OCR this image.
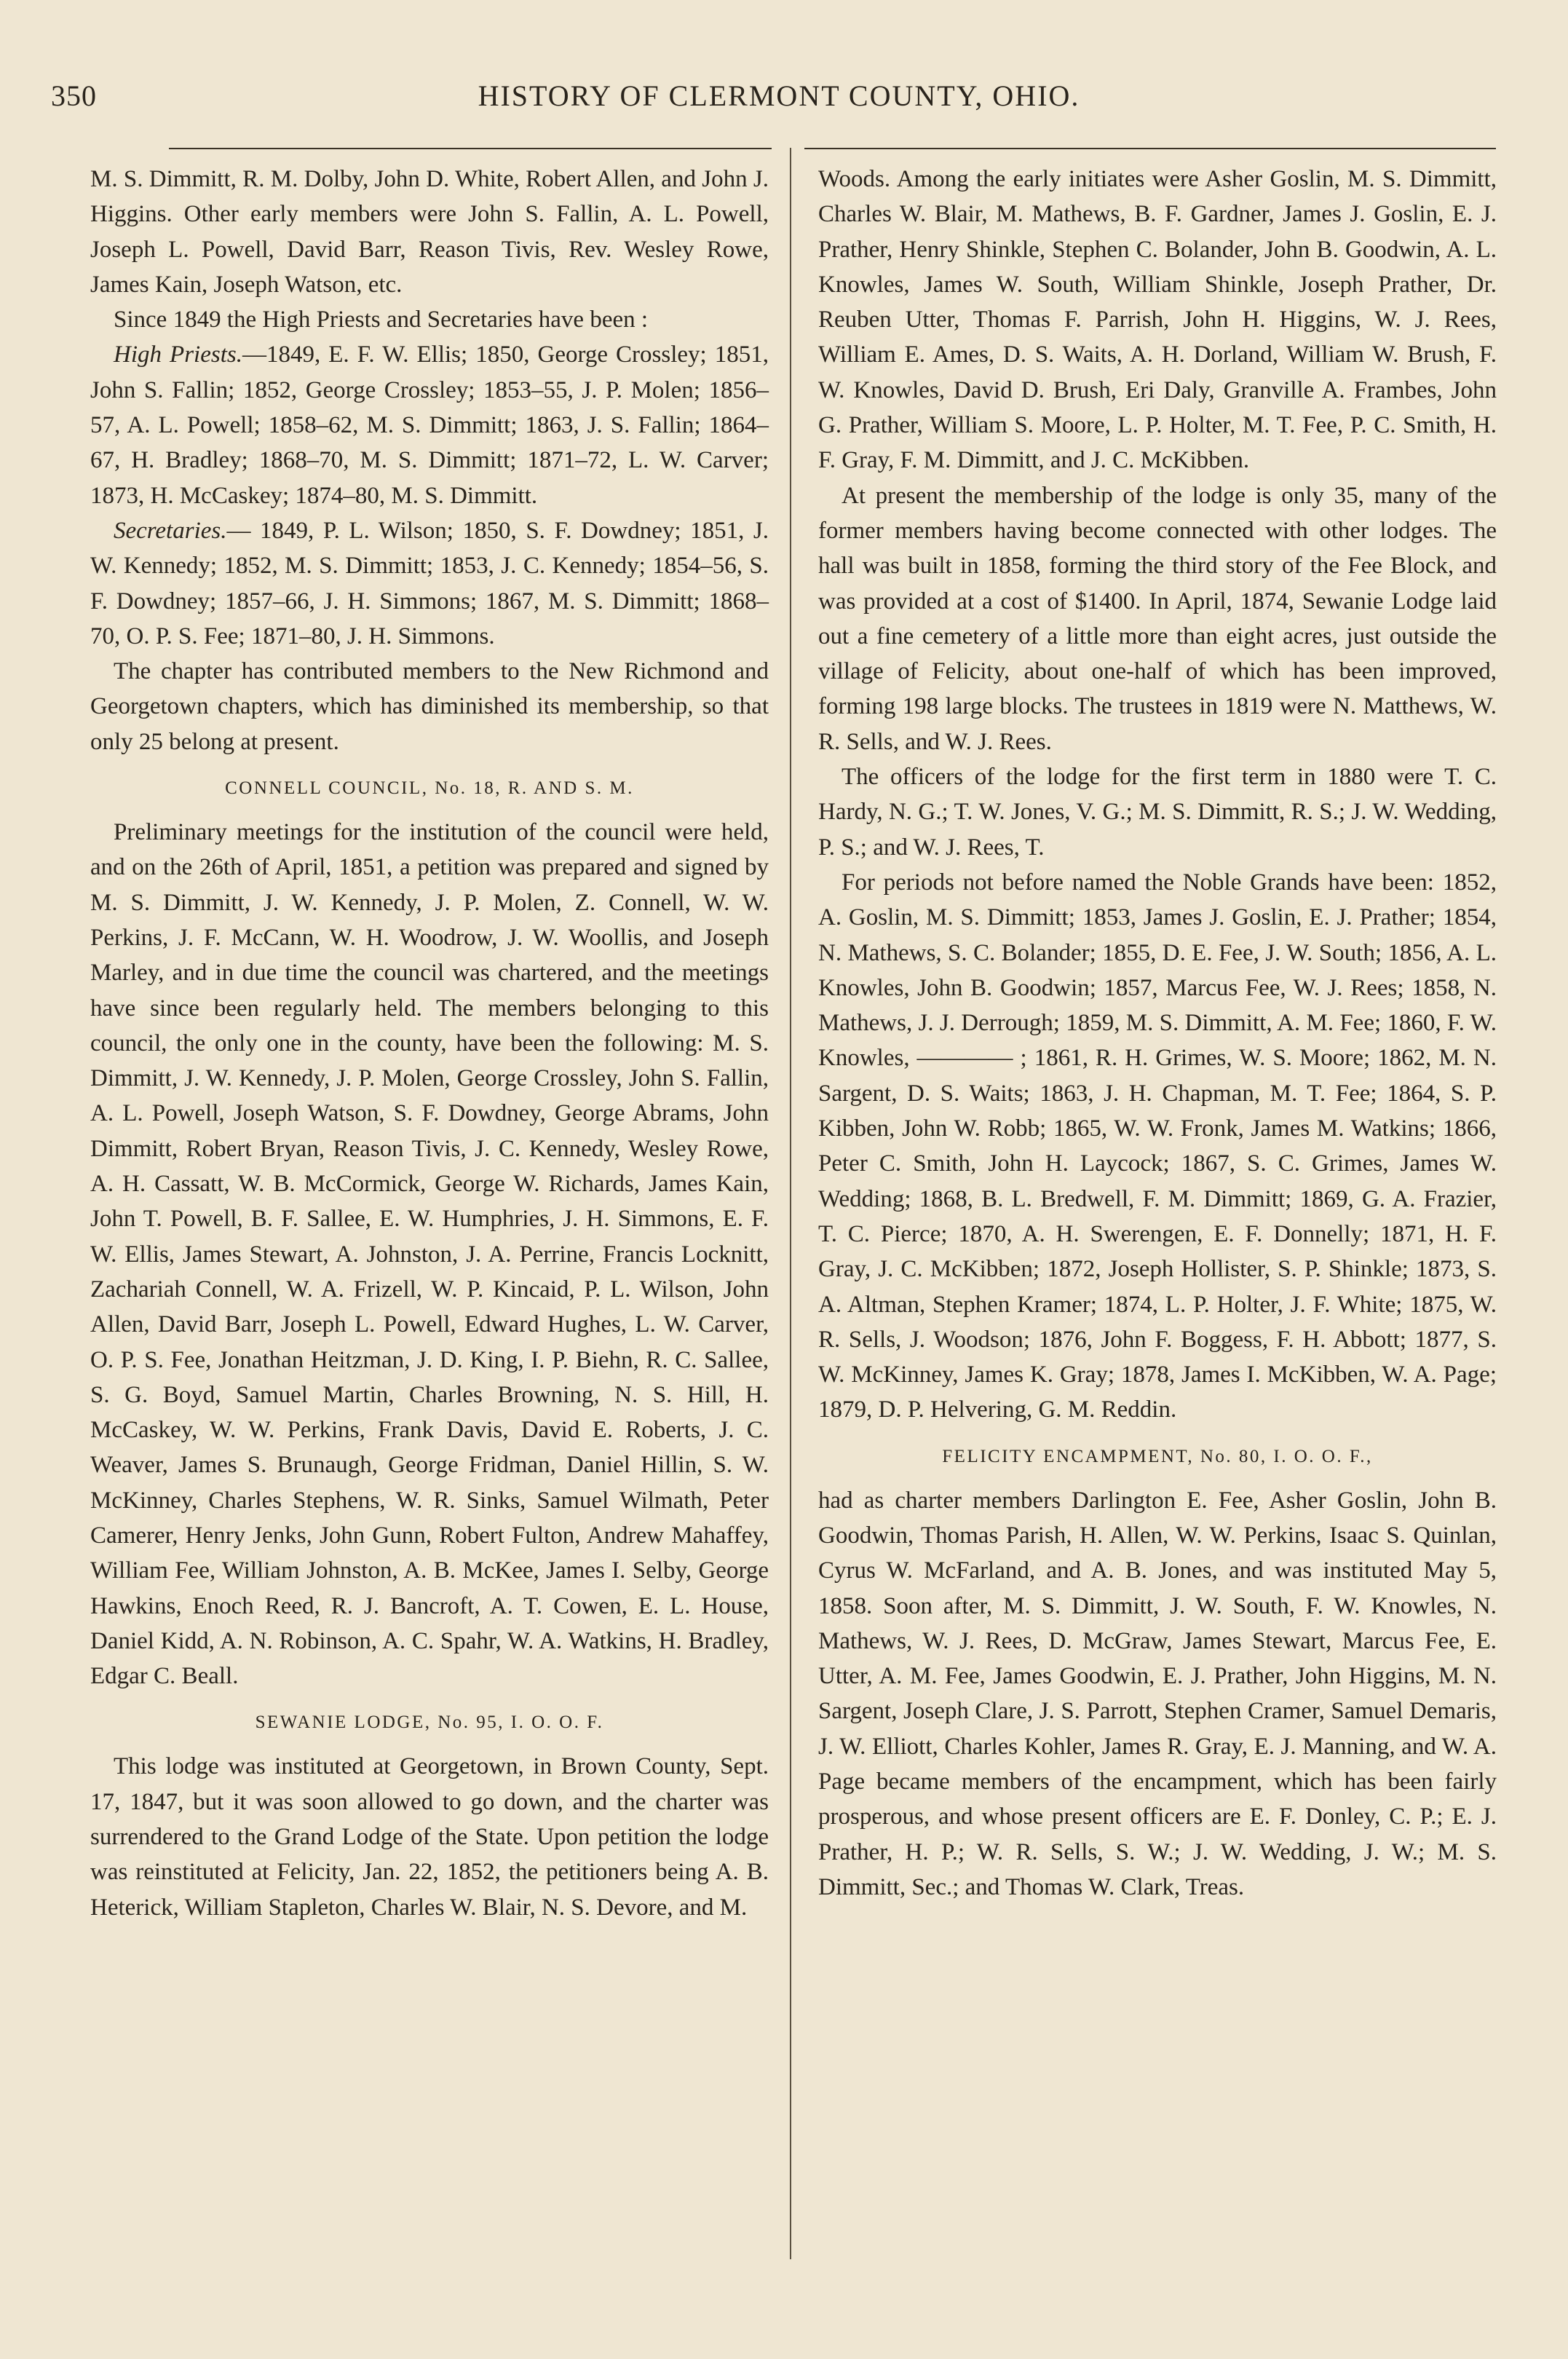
350	HISTORY OF CLERMONT COUNTY, OHIO.

M. S. Dimmitt, R. M. Dolby, John D. White, Robert Allen, and John J. Higgins. Other early members were John S. Fallin, A. L. Powell, Joseph L. Powell, David Barr, Reason Tivis, Rev. Wesley Rowe, James Kain, Joseph Watson, etc.

Since 1849 the High Priests and Secretaries have been :

High Priests.—1849, E. F. W. Ellis; 1850, George Crossley; 1851, John S. Fallin; 1852, George Crossley; 1853–55, J. P. Molen; 1856–57, A. L. Powell; 1858–62, M. S. Dimmitt; 1863, J. S. Fallin; 1864–67, H. Bradley; 1868–70, M. S. Dimmitt; 1871–72, L. W. Carver; 1873, H. McCaskey; 1874–80, M. S. Dimmitt.

Secretaries.— 1849, P. L. Wilson; 1850, S. F. Dowdney; 1851, J. W. Kennedy; 1852, M. S. Dimmitt; 1853, J. C. Kennedy; 1854–56, S. F. Dowdney; 1857–66, J. H. Simmons; 1867, M. S. Dimmitt; 1868–70, O. P. S. Fee; 1871–80, J. H. Simmons.

The chapter has contributed members to the New Richmond and Georgetown chapters, which has diminished its membership, so that only 25 belong at present.

CONNELL COUNCIL, No. 18, R. AND S. M.

Preliminary meetings for the institution of the council were held, and on the 26th of April, 1851, a petition was prepared and signed by M. S. Dimmitt, J. W. Kennedy, J. P. Molen, Z. Connell, W. W. Perkins, J. F. McCann, W. H. Woodrow, J. W. Woollis, and Joseph Marley, and in due time the council was chartered, and the meetings have since been regularly held. The members belonging to this council, the only one in the county, have been the following: M. S. Dimmitt, J. W. Kennedy, J. P. Molen, George Crossley, John S. Fallin, A. L. Powell, Joseph Watson, S. F. Dowdney, George Abrams, John Dimmitt, Robert Bryan, Reason Tivis, J. C. Kennedy, Wesley Rowe, A. H. Cassatt, W. B. McCormick, George W. Richards, James Kain, John T. Powell, B. F. Sallee, E. W. Humphries, J. H. Simmons, E. F. W. Ellis, James Stewart, A. Johnston, J. A. Perrine, Francis Locknitt, Zachariah Connell, W. A. Frizell, W. P. Kincaid, P. L. Wilson, John Allen, David Barr, Joseph L. Powell, Edward Hughes, L. W. Carver, O. P. S. Fee, Jonathan Heitzman, J. D. King, I. P. Biehn, R. C. Sallee, S. G. Boyd, Samuel Martin, Charles Browning, N. S. Hill, H. McCaskey, W. W. Perkins, Frank Davis, David E. Roberts, J. C. Weaver, James S. Brunaugh, George Fridman, Daniel Hillin, S. W. McKinney, Charles Stephens, W. R. Sinks, Samuel Wilmath, Peter Camerer, Henry Jenks, John Gunn, Robert Fulton, Andrew Mahaffey, William Fee, William Johnston, A. B. McKee, James I. Selby, George Hawkins, Enoch Reed, R. J. Bancroft, A. T. Cowen, E. L. House, Daniel Kidd, A. N. Robinson, A. C. Spahr, W. A. Watkins, H. Bradley, Edgar C. Beall.

SEWANIE LODGE, No. 95, I. O. O. F.

This lodge was instituted at Georgetown, in Brown County, Sept. 17, 1847, but it was soon allowed to go down, and the charter was surrendered to the Grand Lodge of the State. Upon petition the lodge was reinstituted at Felicity, Jan. 22, 1852, the petitioners being A. B. Heterick, William Stapleton, Charles W. Blair, N. S. Devore, and M.

Woods. Among the early initiates were Asher Goslin, M. S. Dimmitt, Charles W. Blair, M. Mathews, B. F. Gardner, James J. Goslin, E. J. Prather, Henry Shinkle, Stephen C. Bolander, John B. Goodwin, A. L. Knowles, James W. South, William Shinkle, Joseph Prather, Dr. Reuben Utter, Thomas F. Parrish, John H. Higgins, W. J. Rees, William E. Ames, D. S. Waits, A. H. Dorland, William W. Brush, F. W. Knowles, David D. Brush, Eri Daly, Granville A. Frambes, John G. Prather, William S. Moore, L. P. Holter, M. T. Fee, P. C. Smith, H. F. Gray, F. M. Dimmitt, and J. C. McKibben.

At present the membership of the lodge is only 35, many of the former members having become connected with other lodges. The hall was built in 1858, forming the third story of the Fee Block, and was provided at a cost of $1400. In April, 1874, Sewanie Lodge laid out a fine cemetery of a little more than eight acres, just outside the village of Felicity, about one-half of which has been improved, forming 198 large blocks. The trustees in 1819 were N. Matthews, W. R. Sells, and W. J. Rees.

The officers of the lodge for the first term in 1880 were T. C. Hardy, N. G.; T. W. Jones, V. G.; M. S. Dimmitt, R. S.; J. W. Wedding, P. S.; and W. J. Rees, T.

For periods not before named the Noble Grands have been: 1852, A. Goslin, M. S. Dimmitt; 1853, James J. Goslin, E. J. Prather; 1854, N. Mathews, S. C. Bolander; 1855, D. E. Fee, J. W. South; 1856, A. L. Knowles, John B. Goodwin; 1857, Marcus Fee, W. J. Rees; 1858, N. Mathews, J. J. Derrough; 1859, M. S. Dimmitt, A. M. Fee; 1860, F. W. Knowles, ———— ; 1861, R. H. Grimes, W. S. Moore; 1862, M. N. Sargent, D. S. Waits; 1863, J. H. Chapman, M. T. Fee; 1864, S. P. Kibben, John W. Robb; 1865, W. W. Fronk, James M. Watkins; 1866, Peter C. Smith, John H. Laycock; 1867, S. C. Grimes, James W. Wedding; 1868, B. L. Bredwell, F. M. Dimmitt; 1869, G. A. Frazier, T. C. Pierce; 1870, A. H. Swerengen, E. F. Donnelly; 1871, H. F. Gray, J. C. McKibben; 1872, Joseph Hollister, S. P. Shinkle; 1873, S. A. Altman, Stephen Kramer; 1874, L. P. Holter, J. F. White; 1875, W. R. Sells, J. Woodson; 1876, John F. Boggess, F. H. Abbott; 1877, S. W. McKinney, James K. Gray; 1878, James I. McKibben, W. A. Page; 1879, D. P. Helvering, G. M. Reddin.

FELICITY ENCAMPMENT, No. 80, I. O. O. F.,

had as charter members Darlington E. Fee, Asher Goslin, John B. Goodwin, Thomas Parish, H. Allen, W. W. Perkins, Isaac S. Quinlan, Cyrus W. McFarland, and A. B. Jones, and was instituted May 5, 1858. Soon after, M. S. Dimmitt, J. W. South, F. W. Knowles, N. Mathews, W. J. Rees, D. McGraw, James Stewart, Marcus Fee, E. Utter, A. M. Fee, James Goodwin, E. J. Prather, John Higgins, M. N. Sargent, Joseph Clare, J. S. Parrott, Stephen Cramer, Samuel Demaris, J. W. Elliott, Charles Kohler, James R. Gray, E. J. Manning, and W. A. Page became members of the encampment, which has been fairly prosperous, and whose present officers are E. F. Donley, C. P.; E. J. Prather, H. P.; W. R. Sells, S. W.; J. W. Wedding, J. W.; M. S. Dimmitt, Sec.; and Thomas W. Clark, Treas.
